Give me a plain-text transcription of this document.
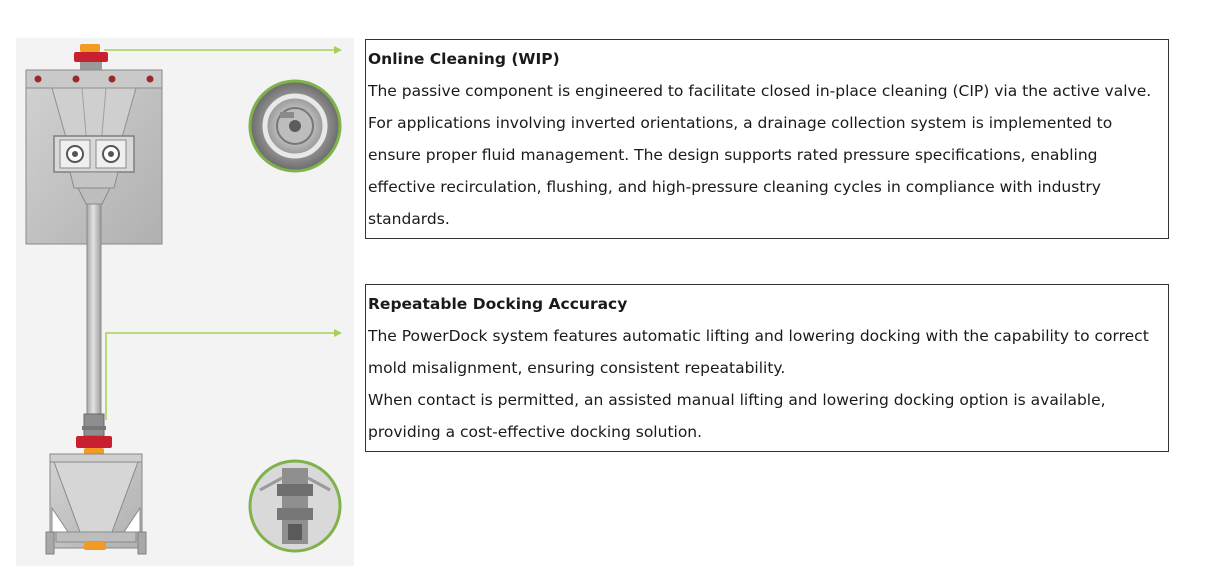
Online Cleaning (WIP)

The passive component is engineered to facilitate closed in-place cleaning (CIP) via the active valve. For applications involving inverted orientations, a drainage collection system is implemented to ensure proper fluid management. The design supports rated pressure specifications, enabling effective recirculation, flushing, and high-pressure cleaning cycles in compliance with industry standards.

Repeatable Docking Accuracy

The PowerDock system features automatic lifting and lowering docking with the capability to correct mold misalignment, ensuring consistent repeatability.

When contact is permitted, an assisted manual lifting and lowering docking option is available, providing a cost-effective docking solution.
